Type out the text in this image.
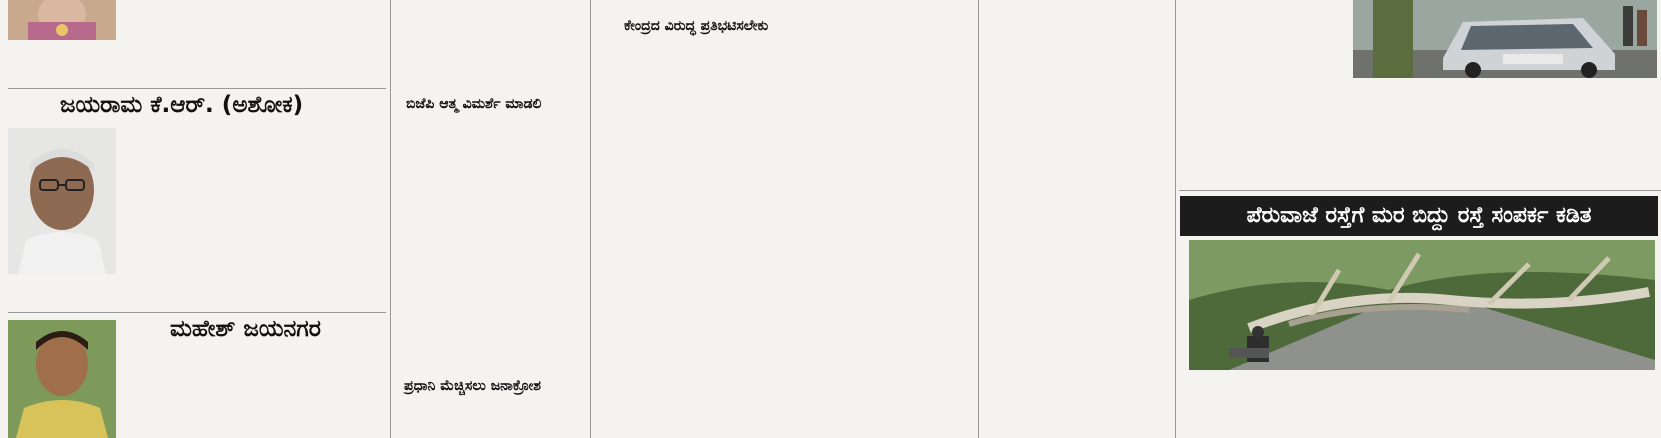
ಜಯರಾಮ ಕೆ.ಆರ್. (ಅಶೋಕ)
ಮಹೇಶ್ ಜಯನಗರ
ಬಿಜೆಪಿ ಆತ್ಮ ವಿಮರ್ಶೆ ಮಾಡಲಿ
ಪ್ರಧಾನಿ ಮೆಚ್ಚಿಸಲು ಜನಾಕ್ರೋಶ
ಕೇಂದ್ರದ ವಿರುದ್ಧ ಪ್ರತಿಭಟಿಸಲೇಕು
ಪೆರುವಾಜೆ ರಸ್ತೆಗೆ ಮರ ಬಿದ್ದು ರಸ್ತೆ ಸಂಪರ್ಕ ಕಡಿತ
